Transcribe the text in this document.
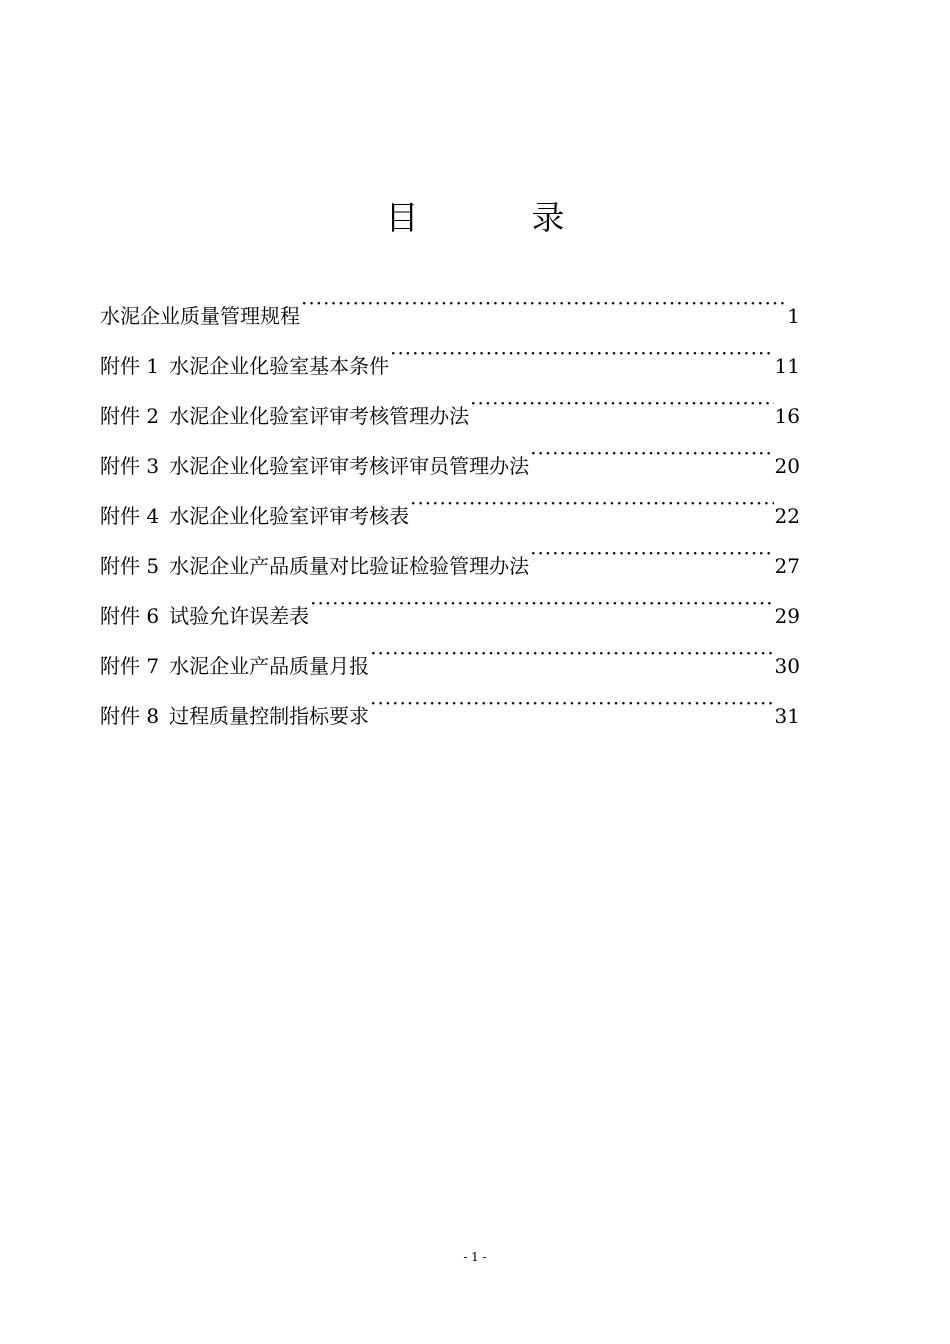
目　录
水泥企业质量管理规程 ·····	1
附件 1 水泥企业化验室基本条件 ·····	11
附件 2 水泥企业化验室评审考核管理办法 ·····	16
附件 3 水泥企业化验室评审考核评审员管理办法 ·····	20
附件 4 水泥企业化验室评审考核表 ·····	22
附件 5 水泥企业产品质量对比验证检验管理办法 ·····	27
附件 6 试验允许误差表 ·····	29
附件 7 水泥企业产品质量月报 ·····	30
附件 8 过程质量控制指标要求 ·····	31
- 1 -
